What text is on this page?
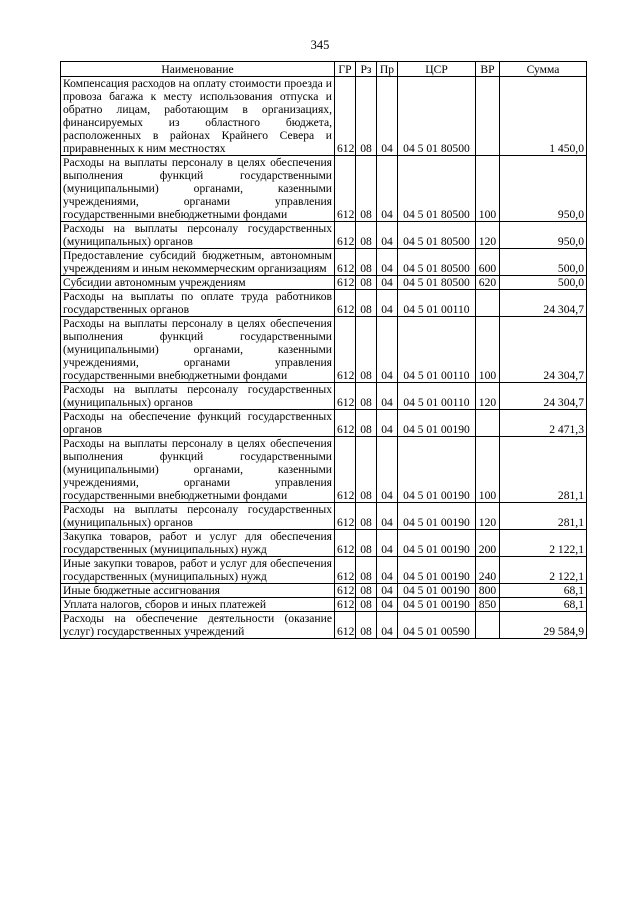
345
Наименование	ГР	Рз	Пр	ЦСР	ВР	Сумма
Компенсация расходов на оплату стоимости проезда и провоза багажа к месту использования отпуска и обратно лицам, работающим в организациях, финансируемых из областного бюджета, расположенных в районах Крайнего Севера и приравненных к ним местностях	612	08	04	04 5 01 80500		1 450,0
Расходы на выплаты персоналу в целях обеспечения выполнения функций государственными (муниципальными) органами, казенными учреждениями, органами управления государственными внебюджетными фондами	612	08	04	04 5 01 80500	100	950,0
Расходы на выплаты персоналу государственных (муниципальных) органов	612	08	04	04 5 01 80500	120	950,0
Предоставление субсидий бюджетным, автономным учреждениям и иным некоммерческим организациям	612	08	04	04 5 01 80500	600	500,0
Субсидии автономным учреждениям	612	08	04	04 5 01 80500	620	500,0
Расходы на выплаты по оплате труда работников государственных органов	612	08	04	04 5 01 00110		24 304,7
Расходы на выплаты персоналу в целях обеспечения выполнения функций государственными (муниципальными) органами, казенными учреждениями, органами управления государственными внебюджетными фондами	612	08	04	04 5 01 00110	100	24 304,7
Расходы на выплаты персоналу государственных (муниципальных) органов	612	08	04	04 5 01 00110	120	24 304,7
Расходы на обеспечение функций государственных органов	612	08	04	04 5 01 00190		2 471,3
Расходы на выплаты персоналу в целях обеспечения выполнения функций государственными (муниципальными) органами, казенными учреждениями, органами управления государственными внебюджетными фондами	612	08	04	04 5 01 00190	100	281,1
Расходы на выплаты персоналу государственных (муниципальных) органов	612	08	04	04 5 01 00190	120	281,1
Закупка товаров, работ и услуг для обеспечения государственных (муниципальных) нужд	612	08	04	04 5 01 00190	200	2 122,1
Иные закупки товаров, работ и услуг для обеспечения государственных (муниципальных) нужд	612	08	04	04 5 01 00190	240	2 122,1
Иные бюджетные ассигнования	612	08	04	04 5 01 00190	800	68,1
Уплата налогов, сборов и иных платежей	612	08	04	04 5 01 00190	850	68,1
Расходы на обеспечение деятельности (оказание услуг) государственных учреждений	612	08	04	04 5 01 00590		29 584,9
